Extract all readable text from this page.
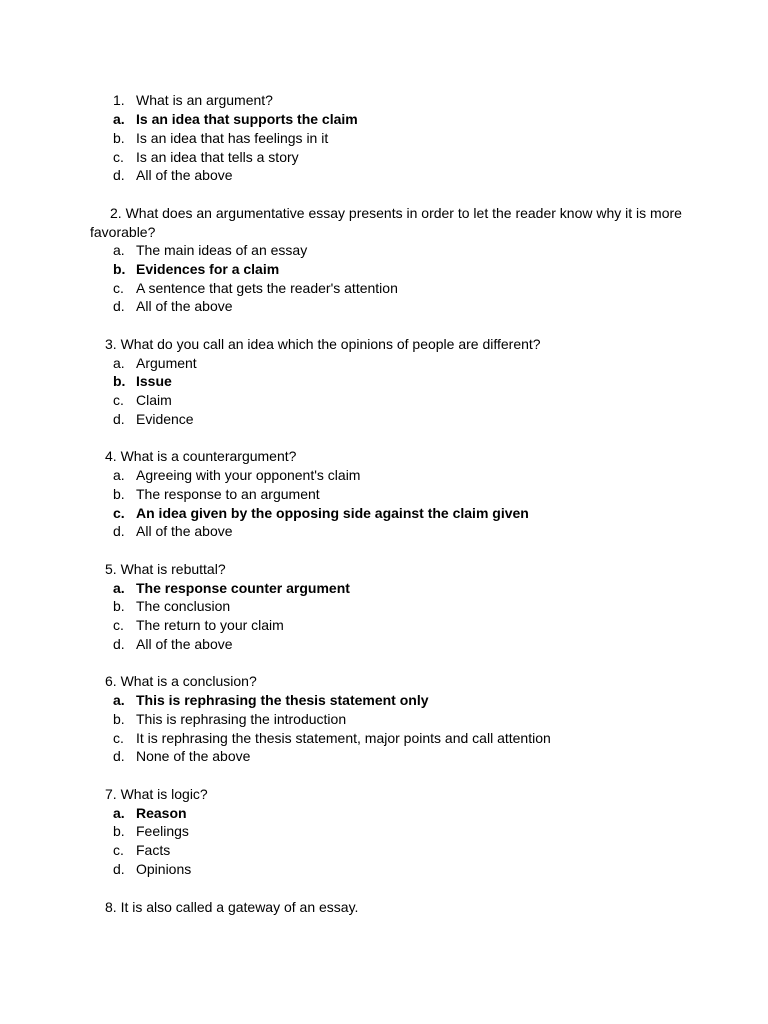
1. What is an argument?
a. Is an idea that supports the claim
b. Is an idea that has feelings in it
c. Is an idea that tells a story
d. All of the above
2. What does an argumentative essay presents in order to let the reader know why it is more favorable?
a. The main ideas of an essay
b. Evidences for a claim
c. A sentence that gets the reader's attention
d. All of the above
3. What do you call an idea which the opinions of people are different?
a. Argument
b. Issue
c. Claim
d. Evidence
4. What is a counterargument?
a. Agreeing with your opponent's claim
b. The response to an argument
c. An idea given by the opposing side against the claim given
d. All of the above
5. What is rebuttal?
a. The response counter argument
b. The conclusion
c. The return to your claim
d. All of the above
6. What is a conclusion?
a. This is rephrasing the thesis statement only
b. This is rephrasing the introduction
c. It is rephrasing the thesis statement, major points and call attention
d. None of the above
7. What is logic?
a. Reason
b. Feelings
c. Facts
d. Opinions
8. It is also called a gateway of an essay.
